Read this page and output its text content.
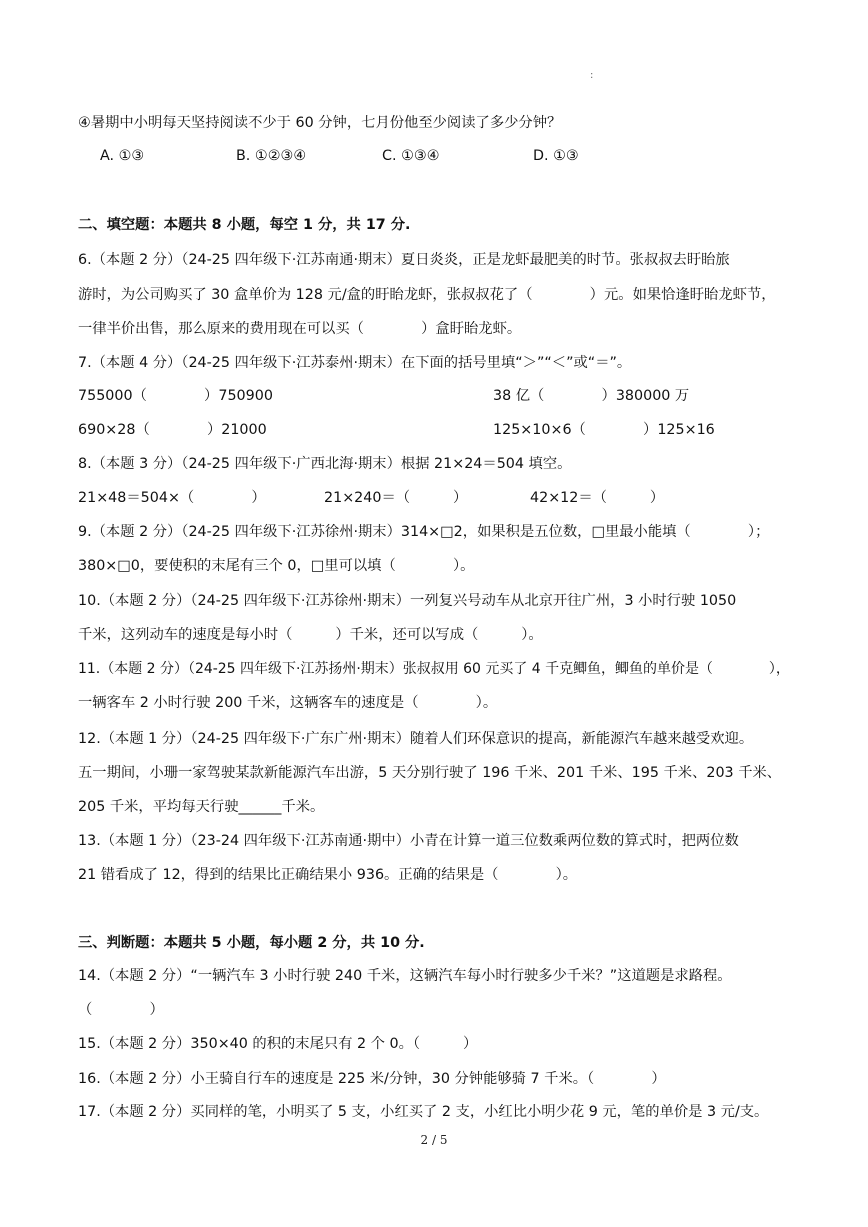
:
④暑期中小明每天坚持阅读不少于 60 分钟，七月份他至少阅读了多少分钟？
A. ①③	B. ①②③④	C. ①③④	D. ①③
二、填空题：本题共 8 小题，每空 1 分，共 17 分.
6.（本题 2 分）（24-25 四年级下·江苏南通·期末）夏日炎炎，正是龙虾最肥美的时节。张叔叔去盱眙旅
游时，为公司购买了 30 盒单价为 128 元/盒的盱眙龙虾，张叔叔花了（　　　　）元。如果恰逢盱眙龙虾节，
一律半价出售，那么原来的费用现在可以买（　　　　）盒盱眙龙虾。
7.（本题 4 分）（24-25 四年级下·江苏泰州·期末）在下面的括号里填“＞”“＜”或“＝”。
755000（　　　　）750900	38 亿（　　　　）380000 万
690×28（　　　　）21000	125×10×6（　　　　）125×16
8.（本题 3 分）（24-25 四年级下·广西北海·期末）根据 21×24＝504 填空。
21×48＝504×（　　　　）	21×240＝（　　　）	42×12＝（　　　）
9.（本题 2 分）（24-25 四年级下·江苏徐州·期末）314×□2，如果积是五位数，□里最小能填（　　　　）；
380×□0，要使积的末尾有三个 0，□里可以填（　　　　）。
10.（本题 2 分）（24-25 四年级下·江苏徐州·期末）一列复兴号动车从北京开往广州，3 小时行驶 1050
千米，这列动车的速度是每小时（　　　）千米，还可以写成（　　　）。
11.（本题 2 分）（24-25 四年级下·江苏扬州·期末）张叔叔用 60 元买了 4 千克鲫鱼，鲫鱼的单价是（　　　　），
一辆客车 2 小时行驶 200 千米，这辆客车的速度是（　　　　）。
12.（本题 1 分）（24-25 四年级下·广东广州·期末）随着人们环保意识的提高，新能源汽车越来越受欢迎。
五一期间，小珊一家驾驶某款新能源汽车出游，5 天分别行驶了 196 千米、201 千米、195 千米、203 千米、
205 千米，平均每天行驶______千米。
13.（本题 1 分）（23-24 四年级下·江苏南通·期中）小青在计算一道三位数乘两位数的算式时，把两位数
21 错看成了 12，得到的结果比正确结果小 936。正确的结果是（　　　　）。
三、判断题：本题共 5 小题，每小题 2 分，共 10 分.
14.（本题 2 分）“一辆汽车 3 小时行驶 240 千米，这辆汽车每小时行驶多少千米？”这道题是求路程。
（　　　　）
15.（本题 2 分）350×40 的积的末尾只有 2 个 0。（　　　）
16.（本题 2 分）小王骑自行车的速度是 225 米/分钟，30 分钟能够骑 7 千米。（　　　　）
17.（本题 2 分）买同样的笔，小明买了 5 支，小红买了 2 支，小红比小明少花 9 元，笔的单价是 3 元/支。
2 / 5
